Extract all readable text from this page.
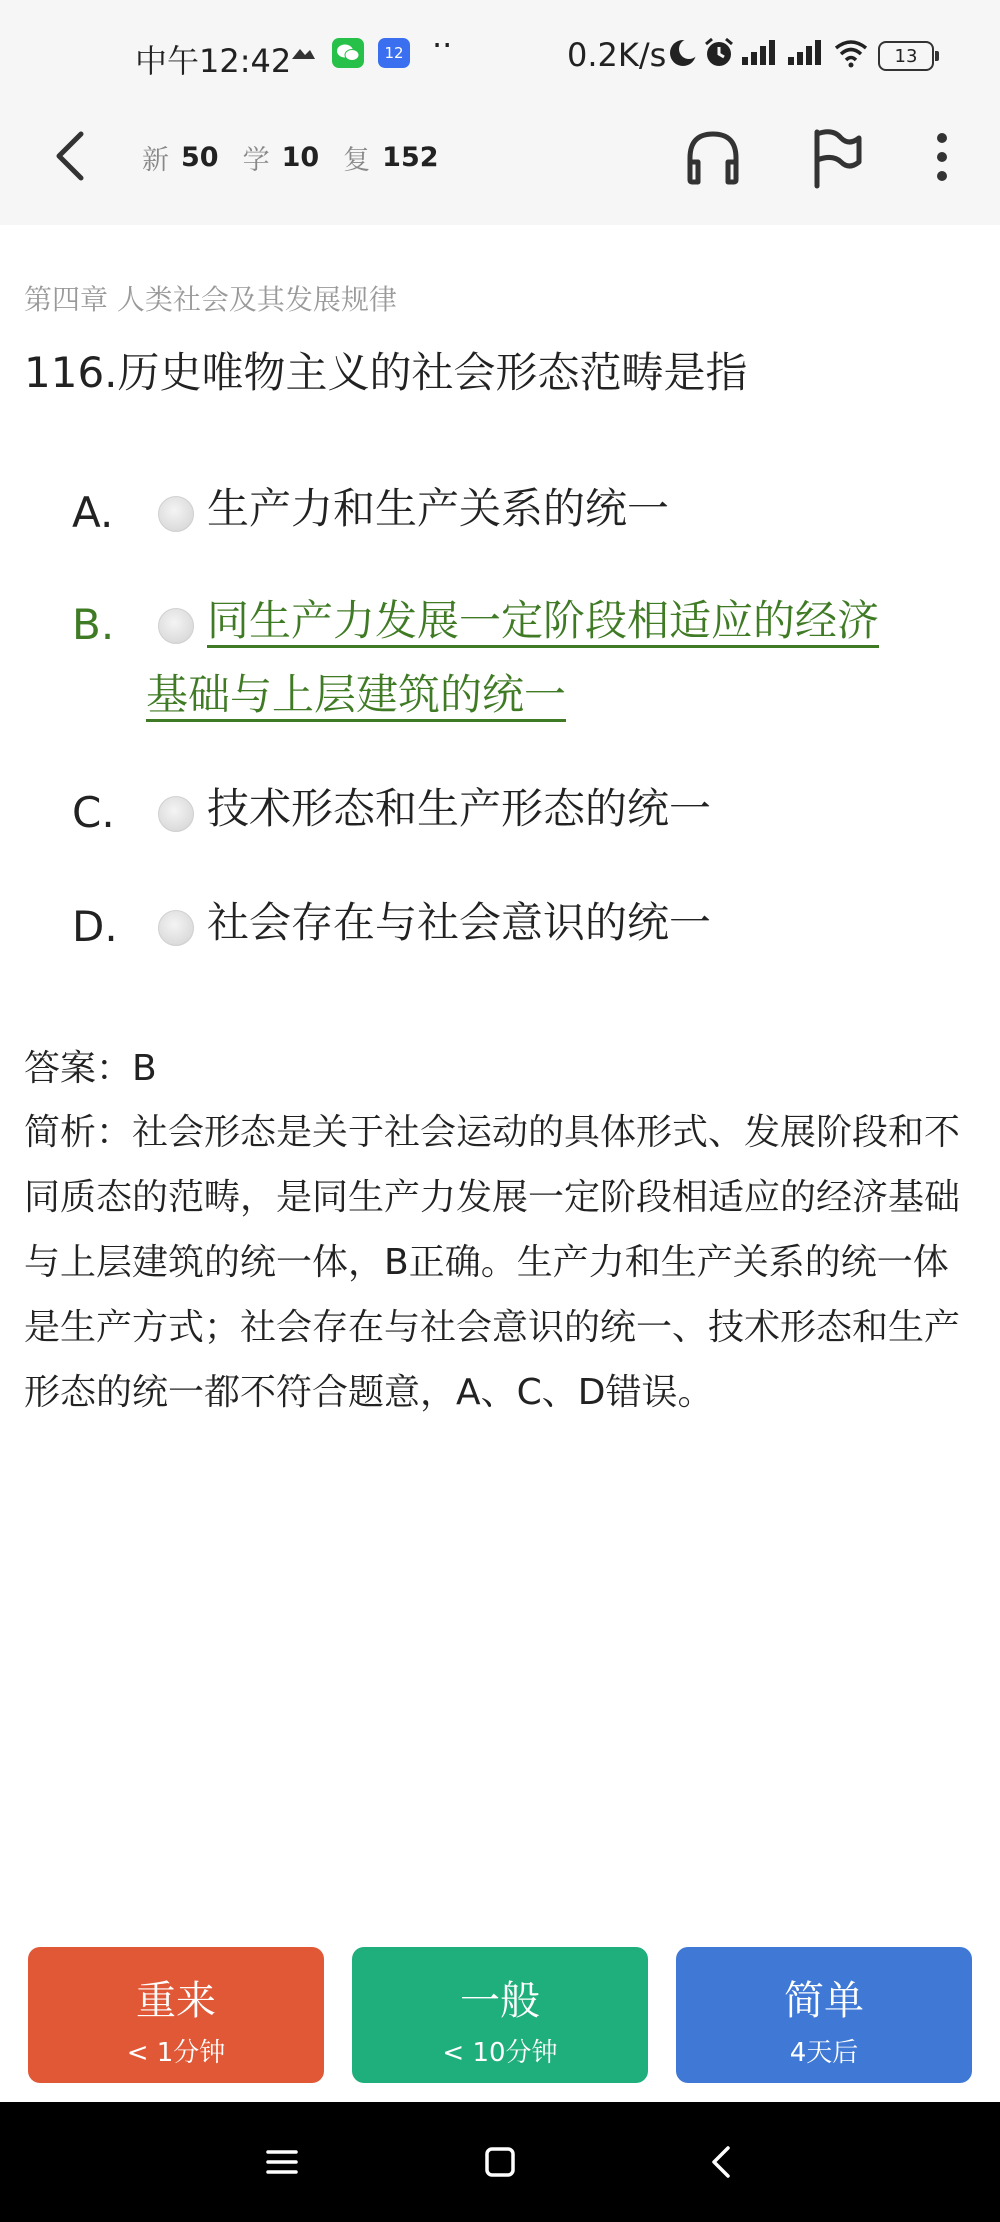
中午12:42	12 ··	0.2K/s	13
新 50 学 10 复 152
第四章 人类社会及其发展规律
116.历史唯物主义的社会形态范畴是指
A. 生产力和生产关系的统一
B. 同生产力发展一定阶段相适应的经济
基础与上层建筑的统一
C. 技术形态和生产形态的统一
D. 社会存在与社会意识的统一
答案：B
简析：社会形态是关于社会运动的具体形式、发展阶段和不同质态的范畴，是同生产力发展一定阶段相适应的经济基础与上层建筑的统一体，B正确。生产力和生产关系的统一体是生产方式；社会存在与社会意识的统一、技术形态和生产形态的统一都不符合题意，A、C、D错误。
重来
< 1分钟
一般
< 10分钟
简单
4天后
